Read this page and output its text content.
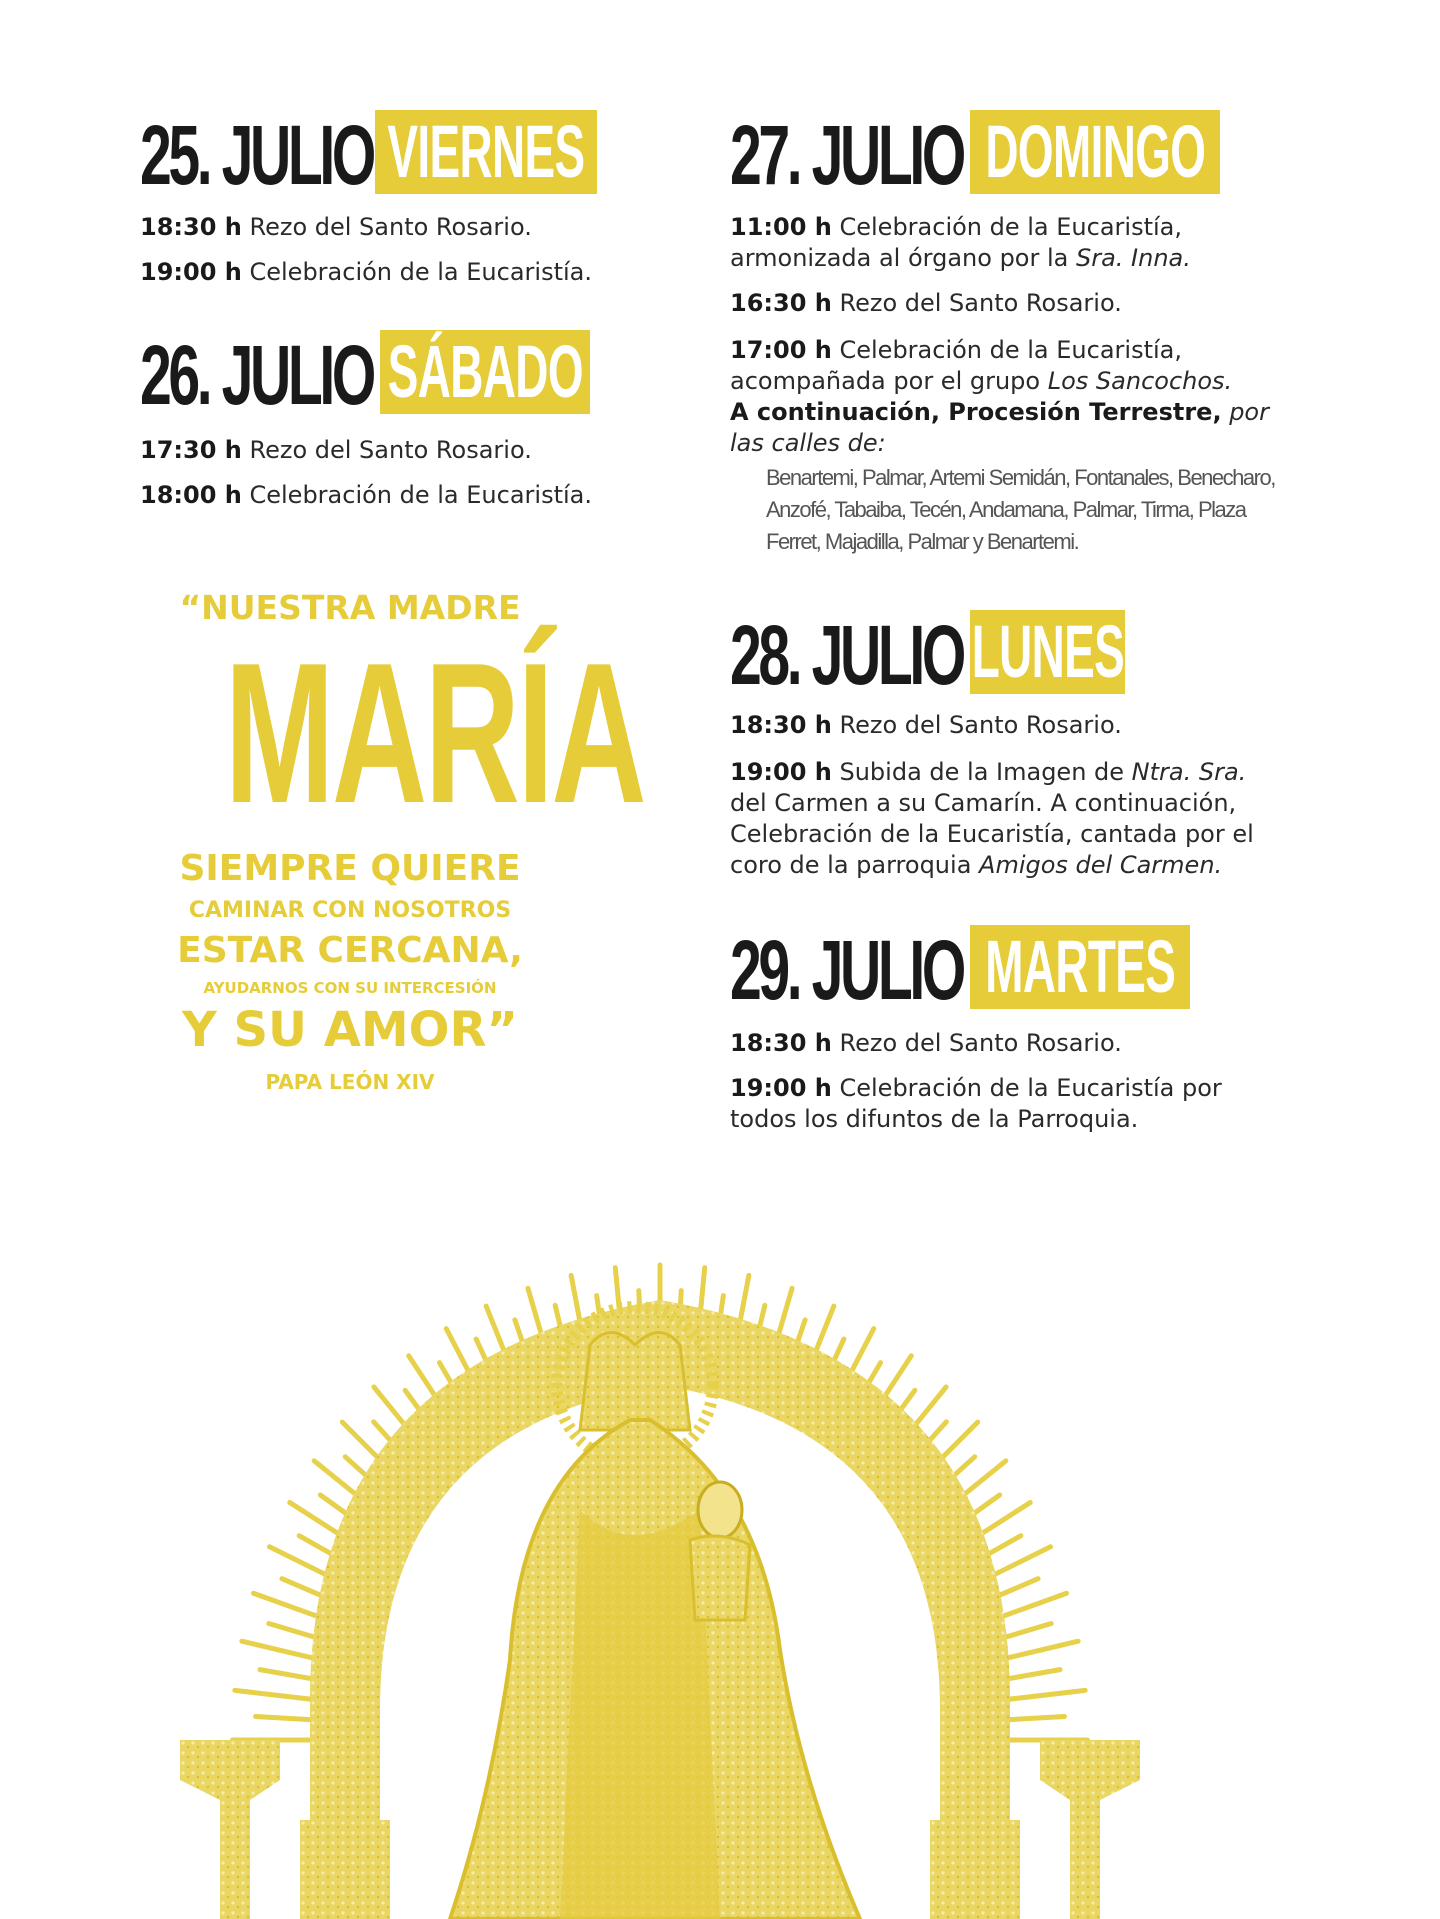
25. JULIO VIERNES
18:30 h Rezo del Santo Rosario.
19:00 h Celebración de la Eucaristía.
26. JULIO SÁBADO
17:30 h Rezo del Santo Rosario.
18:00 h Celebración de la Eucaristía.
27. JULIO DOMINGO
11:00 h Celebración de la Eucaristía,
armonizada al órgano por la Sra. Inna.
16:30 h Rezo del Santo Rosario.
17:00 h Celebración de la Eucaristía,
acompañada por el grupo Los Sancochos.
A continuación, Procesión Terrestre, por
las calles de:
Benartemi, Palmar, Artemi Semidán, Fontanales, Benecharo, Anzofé, Tabaiba, Tecén, Andamana, Palmar, Tirma, Plaza Ferret, Majadilla, Palmar y Benartemi.
28. JULIO LUNES
18:30 h Rezo del Santo Rosario.
19:00 h Subida de la Imagen de Ntra. Sra.
del Carmen a su Camarín. A continuación,
Celebración de la Eucaristía, cantada por el
coro de la parroquia Amigos del Carmen.
29. JULIO MARTES
18:30 h Rezo del Santo Rosario.
19:00 h Celebración de la Eucaristía por
todos los difuntos de la Parroquia.
“NUESTRA MADRE
MARÍA
SIEMPRE QUIERE
CAMINAR CON NOSOTROS
ESTAR CERCANA,
AYUDARNOS CON SU INTERCESIÓN
Y SU AMOR”
PAPA LEÓN XIV
